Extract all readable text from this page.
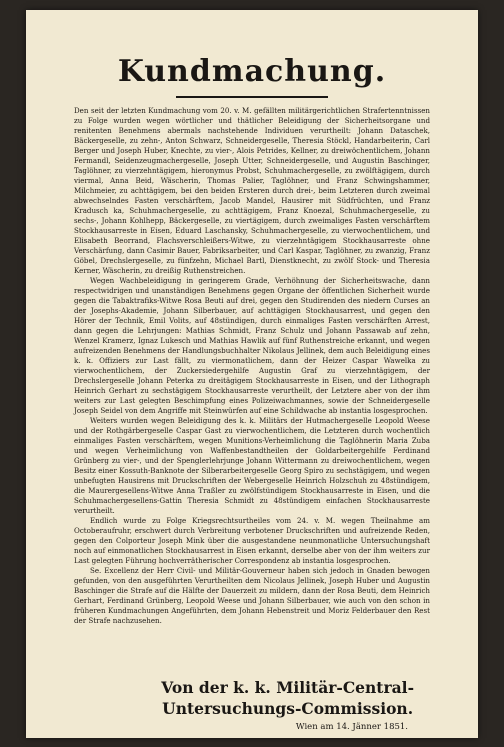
Kundmachung.

Den seit der letzten Kundmachung vom 20. v. M. gefällten militärgerichtlichen Strafertenntnissen zu Folge wurden wegen wörtlicher und thätlicher Beleidigung der Sicherheitsorgane und renitenten Benehmens abermals nachstehende Individuen verurtheilt: Johann Dataschek, Bäckergeselle, zu zehn-, Anton Schwarz, Schneidergeselle, Theresia Stöckl, Handarbeiterin, Carl Berger und Joseph Huber, Knechte, zu vier-, Alois Petrides, Kellner, zu dreiwöchentlichem, Johann Fermandl, Seidenzeugmachergeselle, Joseph Utter, Schneidergeselle, und Augustin Baschinger, Taglöhner, zu vierzehntägigem, hieronymus Probst, Schuhmachergeselle, zu zwölftägigem, durch viermal, Anna Beid, Wäscherin, Thomas Palier, Taglöhner, und Franz Schwingshammer, Milchmeier, zu achttägigem, bei den beiden Ersteren durch drei-, beim Letzteren durch zweimal abwechselndes Fasten verschärftem, Jacob Mandel, Hausirer mit Südfrüchten, und Franz Kradusch ka, Schuhmachergeselle, zu achttägigem, Franz Knoezal, Schuhmachergeselle, zu sechs-, Johann Kohlhepp, Bäckergeselle, zu viertägigem, durch zweimaliges Fasten verschärftem Stockhausarreste in Eisen, Eduard Laschansky, Schuhmachergeselle, zu vierwochentlichem, und Elisabeth Beorrand, Flachsverschleißers-Witwe, zu vierzehntägigem Stockhausarreste ohne Verschärfung, dann Casimir Bauer, Fabriksarbeiter, und Carl Kaspar, Taglöhner, zu zwanzig, Franz Göbel, Drechslergeselle, zu fünfzehn, Michael Bartl, Dienstknecht, zu zwölf Stock- und Theresia Kerner, Wäscherin, zu dreißig Ruthenstreichen.

Wegen Wachbeleidigung in geringerem Grade, Verhöhnung der Sicherheitswache, dann respectwidrigen und unanständigen Benehmens gegen Organe der öffentlichen Sicherheit wurde gegen die Tabaktrafiks-Witwe Rosa Beuti auf drei, gegen den Studirenden des niedern Curses an der Josephs-Akademie, Johann Silberbauer, auf achttägigen Stockhausarrest, und gegen den Hörer der Technik, Emil Volits, auf 48stündigen, durch einmaliges Fasten verschärften Arrest, dann gegen die Lehrjungen: Mathias Schmidt, Franz Schulz und Johann Passawab auf zehn, Wenzel Kramerz, Ignaz Lukesch und Mathias Hawlik auf fünf Ruthenstreiche erkannt, und wegen aufreizenden Benehmens der Handlungsbuchhalter Nikolaus Jellinek, dem auch Beleidigung eines k. k. Offiziers zur Last fällt, zu viermonatlichem, dann der Heizer Caspar Wawelka zu vierwochentlichem, der Zuckersiedergehilfe Augustin Graf zu vierzehntägigem, der Drechslergeselle Johann Peterka zu dreitägigem Stockhausarreste in Eisen, und der Lithograph Heinrich Gerhart zu sechstägigem Stockhausarreste verurtheilt, der Letztere aber von der ihm weiters zur Last gelegten Beschimpfung eines Polizeiwachmannes, sowie der Schneidergeselle Joseph Seidel von dem Angriffe mit Steinwürfen auf eine Schildwache ab instantia losgesprochen.

Weiters wurden wegen Beleidigung des k. k. Militärs der Hutmachergeselle Leopold Weese und der Rothgärbergeselle Caspar Gast zu vierwochentlichem, die Letzteren durch wochentlich einmaliges Fasten verschärftem, wegen Munitions-Verheimlichung die Taglöhnerin Maria Zuba und wegen Verheimlichung von Waffenbestandtheilen der Goldarbeitergehilfe Ferdinand Grünberg zu vier-, und der Spenglerlehrjunge Johann Wittermann zu dreiwochentlichem, wegen Besitz einer Kossuth-Banknote der Silberarbeitergeselle Georg Spiro zu sechstägigem, und wegen unbefugten Hausirens mit Druckschriften der Webergeselle Heinrich Holzschuh zu 48stündigem, die Maurergesellens-Witwe Anna Traßler zu zwölfstündigem Stockhausarreste in Eisen, und die Schuhmachergesellens-Gattin Theresia Schmidt zu 48stündigem einfachen Stockhausarreste verurtheilt.

Endlich wurde zu Folge Kriegsrechtsurtheiles vom 24. v. M. wegen Theilnahme am Octoberaufruhr, erschwert durch Verbreitung verbotener Druckschriften und aufreizende Reden, gegen den Colporteur Joseph Mink über die ausgestandene neunmonatliche Untersuchungshaft noch auf einmonatlichen Stockhausarrest in Eisen erkannt, derselbe aber von der ihm weiters zur Last gelegten Führung hochverrätherischer Correspondenz ab instantia losgesprochen.

Se. Excellenz der Herr Civil- und Militär-Gouverneur haben sich jedoch in Gnaden bewogen gefunden, von den ausgeführten Verurtheilten dem Nicolaus Jellinek, Joseph Huber und Augustin Baschinger die Strafe auf die Hälfte der Dauerzeit zu mildern, dann der Rosa Beuti, dem Heinrich Gerhart, Ferdinand Grünberg, Leopold Weese und Johann Silberbauer, wie auch von den schon in früheren Kundmachungen Angeführten, dem Johann Hebenstreit und Moriz Felderbauer den Rest der Strafe nachzusehen.

Von der k. k. Militär-Central-
Untersuchungs-Commission.
Wien am 14. Jänner 1851.
